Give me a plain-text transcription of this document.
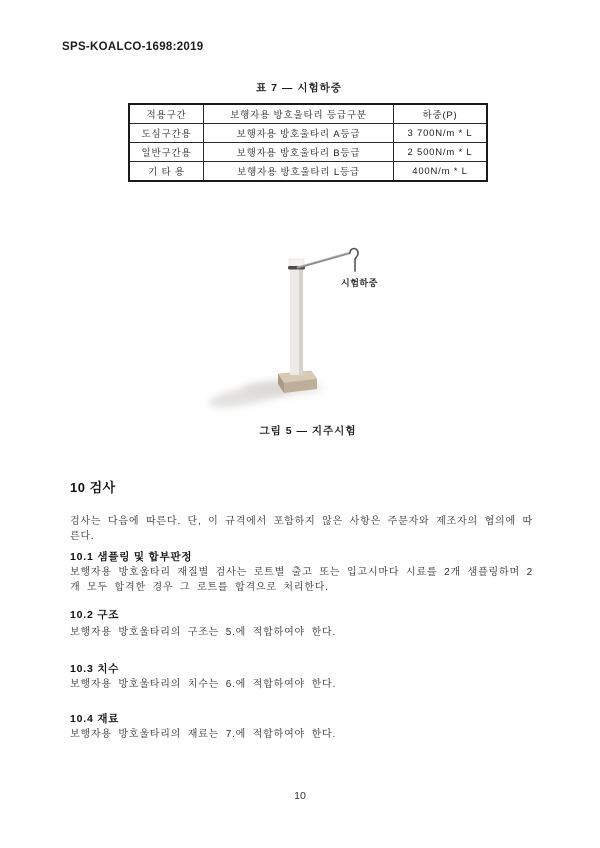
SPS-KOALCO-1698:2019
표 7 — 시험하중
적용구간	보행자용 방호울타리 등급구분	하중(P)
도심구간용	보행자용 방호울타리 A등급	3 700N/m * L
일반구간용	보행자용 방호울타리 B등급	2 500N/m * L
기 타 용	보행자용 방호울타리 L등급	400N/m * L
시험하중
그림 5 — 지주시험
10 검사
검사는 다음에 따른다. 단, 이 규격에서 포함하지 않은 사항은 주문자와 제조자의 협의에 따른다.
10.1 샘플링 및 합부판정
보행자용 방호울타리 재질별 검사는 로트별 출고 또는 입고시마다 시료를 2개 샘플링하며 2개 모두 합격한 경우 그 로트를 합격으로 처리한다.
10.2 구조
보행자용 방호울타리의 구조는 5.에 적합하여야 한다.
10.3 치수
보행자용 방호울타리의 치수는 6.에 적합하여야 한다.
10.4 재료
보행자용 방호울타리의 재료는 7.에 적합하여야 한다.
10
